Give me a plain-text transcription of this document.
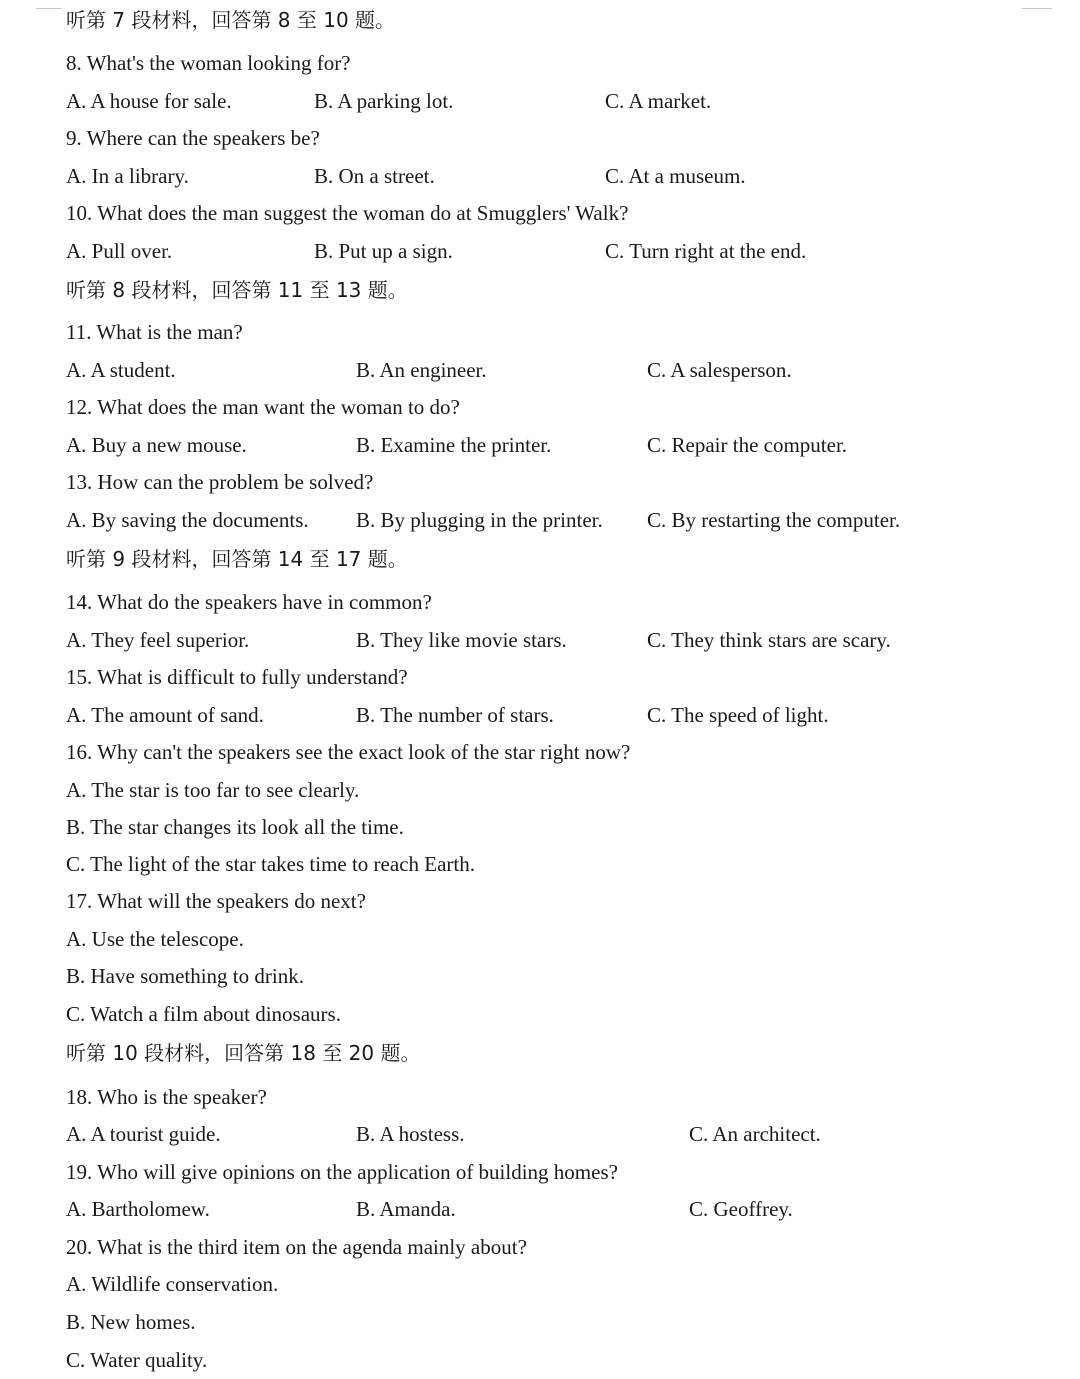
听第 7 段材料，回答第 8 至 10 题。
8. What's the woman looking for?
A. A house for sale.	B. A parking lot.	C. A market.
9. Where can the speakers be?
A. In a library.	B. On a street.	C. At a museum.
10. What does the man suggest the woman do at Smugglers' Walk?
A. Pull over.	B. Put up a sign.	C. Turn right at the end.
听第 8 段材料，回答第 11 至 13 题。
11. What is the man?
A. A student.	B. An engineer.	C. A salesperson.
12. What does the man want the woman to do?
A. Buy a new mouse.	B. Examine the printer.	C. Repair the computer.
13. How can the problem be solved?
A. By saving the documents. B. By plugging in the printer. C. By restarting the computer.
听第 9 段材料，回答第 14 至 17 题。
14. What do the speakers have in common?
A. They feel superior.	B. They like movie stars.	C. They think stars are scary.
15. What is difficult to fully understand?
A. The amount of sand.	B. The number of stars.	C. The speed of light.
16. Why can't the speakers see the exact look of the star right now?
A. The star is too far to see clearly.
B. The star changes its look all the time.
C. The light of the star takes time to reach Earth.
17. What will the speakers do next?
A. Use the telescope.
B. Have something to drink.
C. Watch a film about dinosaurs.
听第 10 段材料，回答第 18 至 20 题。
18. Who is the speaker?
A. A tourist guide.	B. A hostess.	C. An architect.
19. Who will give opinions on the application of building homes?
A. Bartholomew.	B. Amanda.	C. Geoffrey.
20. What is the third item on the agenda mainly about?
A. Wildlife conservation.
B. New homes.
C. Water quality.
